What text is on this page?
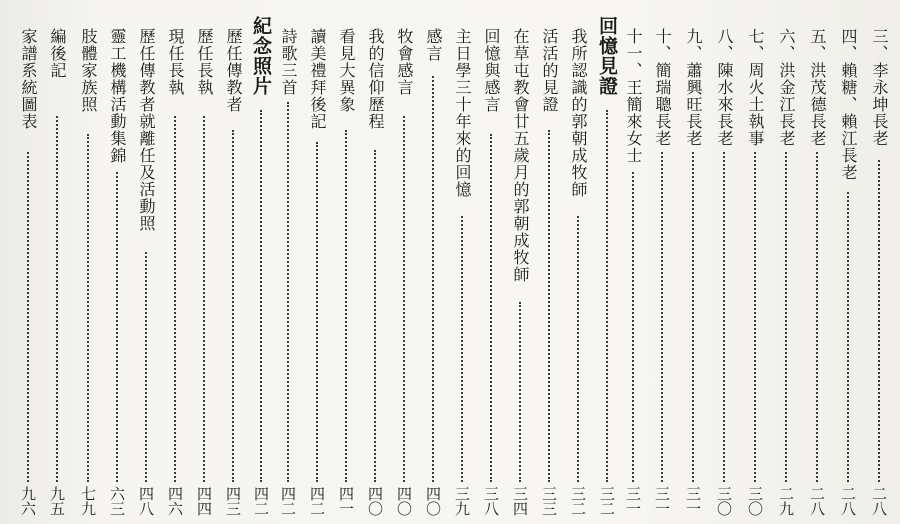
三、李永坤長老
二八
四、賴糖、賴江長老
二八
五、洪茂德長老
二八
六、洪金江長老
二九
七、周火土執事
三〇
八、陳水來長老
三〇
九、蕭興旺長老
三一
十、簡瑞聰長老
三一
十一、王簡來女士
三一
回憶見證
三二
我所認識的郭朝成牧師
三二
活活的見證
三三
在草屯教會廿五歲月的郭朝成牧師
三四
回憶與感言
三八
主日學三十年來的回憶
三九
感言
四〇
牧會感言
四〇
我的信仰歷程
四〇
看見大異象
四一
讀美禮拜後記
四二
詩歌三首
四二
紀念照片
四二
歷任傳教者
四三
歷任長執
四四
現任長執
四六
歷任傳教者就離任及活動照
四八
靈工機構活動集錦
六三
肢體家族照
七九
編後記
九五
家譜系統圖表
九六
